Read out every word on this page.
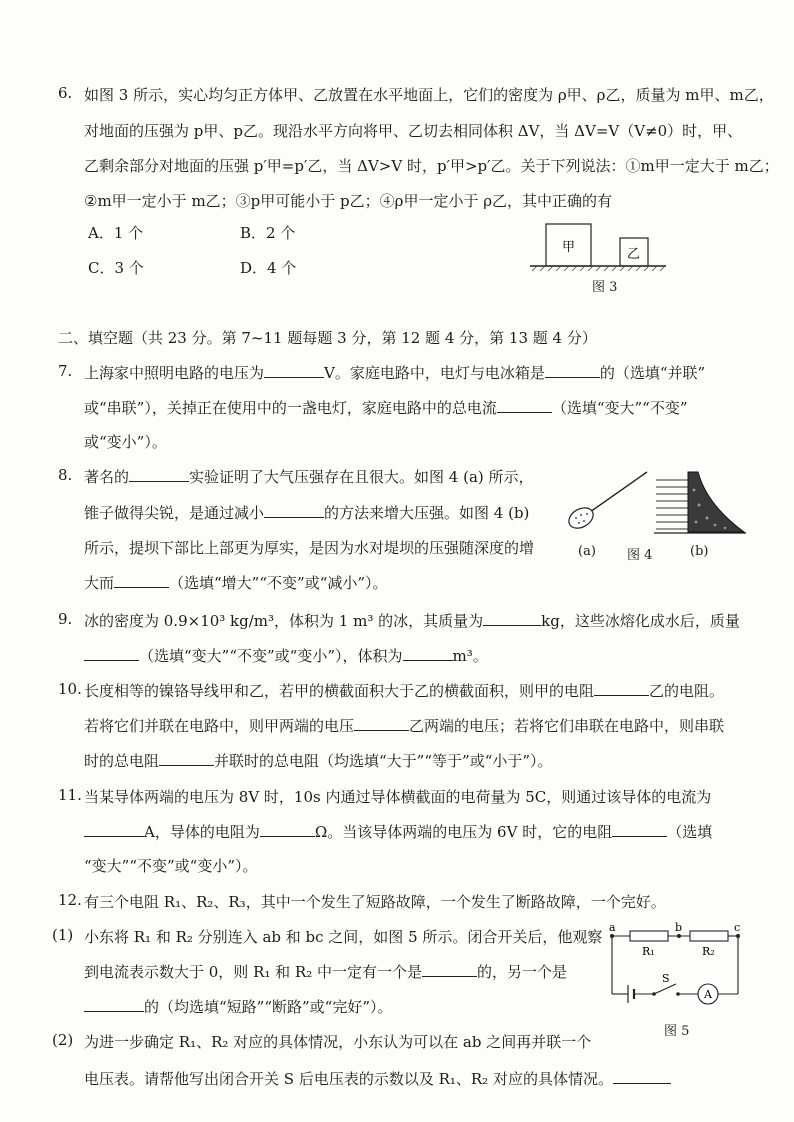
6. 如图 3 所示，实心均匀正方体甲、乙放置在水平地面上，它们的密度为 ρ甲、ρ乙，质量为 m甲、m乙，
对地面的压强为 p甲、p乙。现沿水平方向将甲、乙切去相同体积 ΔV，当 ΔV=V（V≠0）时，甲、
乙剩余部分对地面的压强 p′甲=p′乙，当 ΔV>V 时，p′甲>p′乙。关于下列说法：①m甲一定大于 m乙；
②m甲一定小于 m乙；③p甲可能小于 p乙；④ρ甲一定小于 ρ乙，其中正确的有
A．1 个	B．2 个
C．3 个	D．4 个
甲	乙
图 3
二、填空题（共 23 分。第 7~11 题每题 3 分，第 12 题 4 分，第 13 题 4 分）
7. 上海家中照明电路的电压为	V。家庭电路中，电灯与电冰箱是	的（选填“并联”
或“串联”），关掉正在使用中的一盏电灯，家庭电路中的总电流	（选填“变大”“不变”
或“变小”）。
8. 著名的	实验证明了大气压强存在且很大。如图 4 (a) 所示，
锥子做得尖锐，是通过减小	的方法来增大压强。如图 4 (b)
所示，提坝下部比上部更为厚实，是因为水对堤坝的压强随深度的增
大而	（选填“增大”“不变”或“减小”）。
(a) 图 4	(b)
9. 冰的密度为 0.9×10³ kg/m³，体积为 1 m³ 的冰，其质量为	kg，这些冰熔化成水后，质量
（选填“变大”“不变”或“变小”），体积为	m³。
10. 长度相等的镍铬导线甲和乙，若甲的横截面积大于乙的横截面积，则甲的电阻	乙的电阻。
若将它们并联在电路中，则甲两端的电压	乙两端的电压；若将它们串联在电路中，则串联
时的总电阻	并联时的总电阻（均选填“大于”“等于”或“小于”）。
11. 当某导体两端的电压为 8V 时，10s 内通过导体横截面的电荷量为 5C，则通过该导体的电流为
A，导体的电阻为	Ω。当该导体两端的电压为 6V 时，它的电阻	（选填
“变大”“不变”或“变小”）。
12. 有三个电阻 R₁、R₂、R₃，其中一个发生了短路故障，一个发生了断路故障，一个完好。
(1) 小东将 R₁ 和 R₂ 分别连入 ab 和 bc 之间，如图 5 所示。闭合开关后，他观察
到电流表示数大于 0，则 R₁ 和 R₂ 中一定有一个是	的，另一个是
的（均选填“短路”“断路”或“完好”）。
(2) 为进一步确定 R₁、R₂ 对应的具体情况，小东认为可以在 ab 之间再并联一个
电压表。请帮他写出闭合开关 S 后电压表的示数以及 R₁、R₂ 对应的具体情况。
a	b	c
R₁	R₂
S
A
图 5
